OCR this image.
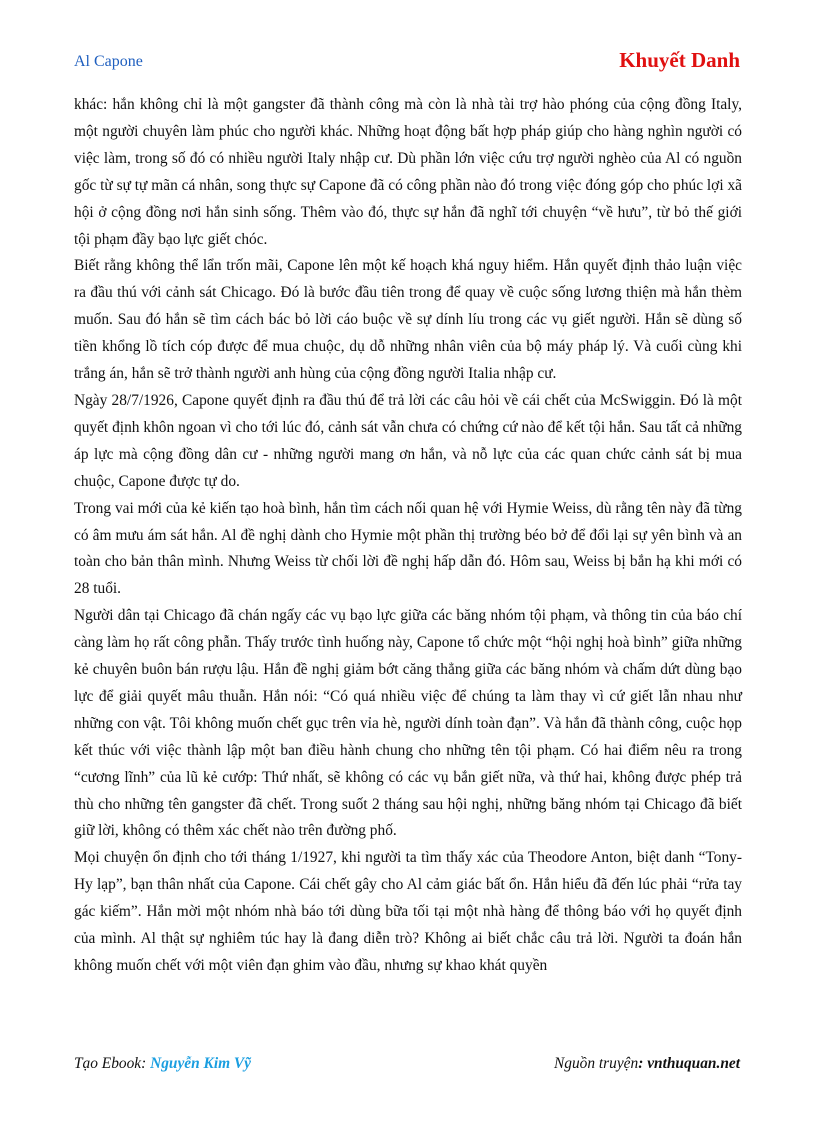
Al Capone	Khuyết Danh

khác: hắn không chỉ là một gangster đã thành công mà còn là nhà tài trợ hào phóng của cộng đồng Italy, một người chuyên làm phúc cho người khác. Những hoạt động bất hợp pháp giúp cho hàng nghìn người có việc làm, trong số đó có nhiều người Italy nhập cư. Dù phần lớn việc cứu trợ người nghèo của Al có nguồn gốc từ sự tự mãn cá nhân, song thực sự Capone đã có công phần nào đó trong việc đóng góp cho phúc lợi xã hội ở cộng đồng nơi hắn sinh sống. Thêm vào đó, thực sự hắn đã nghĩ tới chuyện “về hưu”, từ bỏ thế giới tội phạm đầy bạo lực giết chóc.

Biết rằng không thể lẩn trốn mãi, Capone lên một kế hoạch khá nguy hiểm. Hắn quyết định thảo luận việc ra đầu thú với cảnh sát Chicago. Đó là bước đầu tiên trong để quay về cuộc sống lương thiện mà hắn thèm muốn. Sau đó hắn sẽ tìm cách bác bỏ lời cáo buộc về sự dính líu trong các vụ giết người. Hắn sẽ dùng số tiền khổng lồ tích cóp được để mua chuộc, dụ dỗ những nhân viên của bộ máy pháp lý. Và cuối cùng khi trắng án, hắn sẽ trở thành người anh hùng của cộng đồng người Italia nhập cư.

Ngày 28/7/1926, Capone quyết định ra đầu thú để trả lời các câu hỏi về cái chết của McSwiggin. Đó là một quyết định khôn ngoan vì cho tới lúc đó, cảnh sát vẫn chưa có chứng cứ nào để kết tội hắn. Sau tất cả những áp lực mà cộng đồng dân cư - những người mang ơn hắn, và nỗ lực của các quan chức cảnh sát bị mua chuộc, Capone được tự do.

Trong vai mới của kẻ kiến tạo hoà bình, hắn tìm cách nối quan hệ với Hymie Weiss, dù rằng tên này đã từng có âm mưu ám sát hắn. Al đề nghị dành cho Hymie một phần thị trường béo bở để đổi lại sự yên bình và an toàn cho bản thân mình. Nhưng Weiss từ chối lời đề nghị hấp dẫn đó. Hôm sau, Weiss bị bắn hạ khi mới có 28 tuổi.

Người dân tại Chicago đã chán ngấy các vụ bạo lực giữa các băng nhóm tội phạm, và thông tin của báo chí càng làm họ rất công phẫn. Thấy trước tình huống này, Capone tổ chức một “hội nghị hoà bình” giữa những kẻ chuyên buôn bán rượu lậu. Hắn đề nghị giảm bớt căng thẳng giữa các băng nhóm và chấm dứt dùng bạo lực để giải quyết mâu thuẫn. Hắn nói: “Có quá nhiều việc để chúng ta làm thay vì cứ giết lẫn nhau như những con vật. Tôi không muốn chết gục trên vỉa hè, người dính toàn đạn”. Và hắn đã thành công, cuộc họp kết thúc với việc thành lập một ban điều hành chung cho những tên tội phạm. Có hai điểm nêu ra trong “cương lĩnh” của lũ kẻ cướp: Thứ nhất, sẽ không có các vụ bắn giết nữa, và thứ hai, không được phép trả thù cho những tên gangster đã chết. Trong suốt 2 tháng sau hội nghị, những băng nhóm tại Chicago đã biết giữ lời, không có thêm xác chết nào trên đường phố.

Mọi chuyện ổn định cho tới tháng 1/1927, khi người ta tìm thấy xác của Theodore Anton, biệt danh “Tony-Hy lạp”, bạn thân nhất của Capone. Cái chết gây cho Al cảm giác bất ổn. Hắn hiểu đã đến lúc phải “rửa tay gác kiếm”. Hắn mời một nhóm nhà báo tới dùng bữa tối tại một nhà hàng để thông báo với họ quyết định của mình. Al thật sự nghiêm túc hay là đang diễn trò? Không ai biết chắc câu trả lời. Người ta đoán hắn không muốn chết với một viên đạn ghim vào đầu, nhưng sự khao khát quyền

Tạo Ebook: Nguyễn Kim Vỹ	Nguồn truyện: vnthuquan.net
